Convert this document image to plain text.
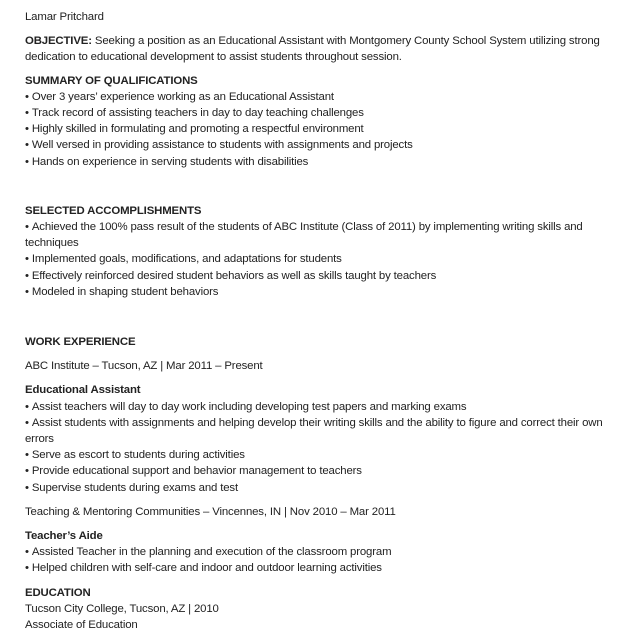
Lamar Pritchard
OBJECTIVE: Seeking a position as an Educational Assistant with Montgomery County School System utilizing strong dedication to educational development to assist students throughout session.
SUMMARY OF QUALIFICATIONS
• Over 3 years’ experience working as an Educational Assistant
• Track record of assisting teachers in day to day teaching challenges
• Highly skilled in formulating and promoting a respectful environment
• Well versed in providing assistance to students with assignments and projects
• Hands on experience in serving students with disabilities
SELECTED ACCOMPLISHMENTS
• Achieved the 100% pass result of the students of ABC Institute (Class of 2011) by implementing writing skills and techniques
• Implemented goals, modifications, and adaptations for students
• Effectively reinforced desired student behaviors as well as skills taught by teachers
• Modeled in shaping student behaviors
WORK EXPERIENCE
ABC Institute – Tucson, AZ | Mar 2011 – Present
Educational Assistant
• Assist teachers will day to day work including developing test papers and marking exams
• Assist students with assignments and helping develop their writing skills and the ability to figure and correct their own errors
• Serve as escort to students during activities
• Provide educational support and behavior management to teachers
• Supervise students during exams and test
Teaching & Mentoring Communities – Vincennes, IN | Nov 2010 – Mar 2011
Teacher’s Aide
• Assisted Teacher in the planning and execution of the classroom program
• Helped children with self-care and indoor and outdoor learning activities
EDUCATION
Tucson City College, Tucson, AZ | 2010
Associate of Education
